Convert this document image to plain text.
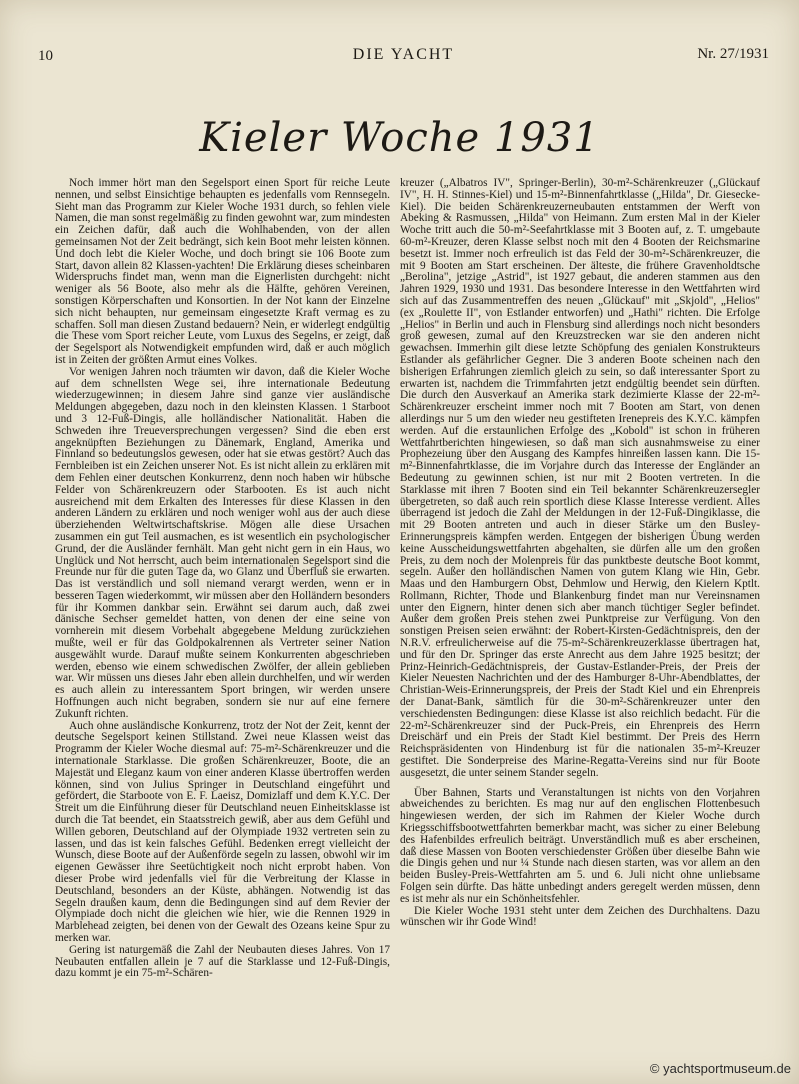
10	DIE YACHT	Nr. 27/1931
Kieler Woche 1931

Noch immer hört man den Segelsport einen Sport für reiche Leute nennen, und selbst Einsichtige behaupten es jedenfalls vom Rennsegeln. Sieht man das Programm zur Kieler Woche 1931 durch, so fehlen viele Namen, die man sonst regelmäßig zu finden gewohnt war, zum mindesten ein Zeichen dafür, daß auch die Wohlhabenden, von der allen gemeinsamen Not der Zeit bedrängt, sich kein Boot mehr leisten können. Und doch lebt die Kieler Woche, und doch bringt sie 106 Boote zum Start, davon allein 82 Klassen-yachten! Die Erklärung dieses scheinbaren Widerspruchs findet man, wenn man die Eignerlisten durchgeht: nicht weniger als 56 Boote, also mehr als die Hälfte, gehören Vereinen, sonstigen Körperschaften und Konsortien. In der Not kann der Einzelne sich nicht behaupten, nur gemeinsam eingesetzte Kraft vermag es zu schaffen. Soll man diesen Zustand bedauern? Nein, er widerlegt endgültig die These vom Sport reicher Leute, vom Luxus des Segelns, er zeigt, daß der Segelsport als Notwendigkeit empfunden wird, daß er auch möglich ist in Zeiten der größten Armut eines Volkes.

Vor wenigen Jahren noch träumten wir davon, daß die Kieler Woche auf dem schnellsten Wege sei, ihre internationale Bedeutung wiederzugewinnen; in diesem Jahre sind ganze vier ausländische Meldungen abgegeben, dazu noch in den kleinsten Klassen. 1 Starboot und 3 12-Fuß-Dingis, alle holländischer Nationalität. Haben die Schweden ihre Treueversprechungen vergessen? Sind die eben erst angeknüpften Beziehungen zu Dänemark, England, Amerika und Finnland so bedeutungslos gewesen, oder hat sie etwas gestört? Auch das Fernbleiben ist ein Zeichen unserer Not. Es ist nicht allein zu erklären mit dem Fehlen einer deutschen Konkurrenz, denn noch haben wir hübsche Felder von Schärenkreuzern oder Starbooten. Es ist auch nicht ausreichend mit dem Erkalten des Interesses für diese Klassen in den anderen Ländern zu erklären und noch weniger wohl aus der auch diese überziehenden Weltwirtschaftskrise. Mögen alle diese Ursachen zusammen ein gut Teil ausmachen, es ist wesentlich ein psychologischer Grund, der die Ausländer fernhält. Man geht nicht gern in ein Haus, wo Unglück und Not herrscht, auch beim internationalen Segelsport sind die Freunde nur für die guten Tage da, wo Glanz und Überfluß sie erwarten. Das ist verständlich und soll niemand verargt werden, wenn er in besseren Tagen wiederkommt, wir müssen aber den Holländern besonders für ihr Kommen dankbar sein. Erwähnt sei darum auch, daß zwei dänische Sechser gemeldet hatten, von denen der eine seine von vornherein mit diesem Vorbehalt abgegebene Meldung zurückziehen mußte, weil er für das Goldpokalrennen als Vertreter seiner Nation ausgewählt wurde. Darauf mußte seinem Konkurrenten abgeschrieben werden, ebenso wie einem schwedischen Zwölfer, der allein geblieben war. Wir müssen uns dieses Jahr eben allein durchhelfen, und wir werden es auch allein zu interessantem Sport bringen, wir werden unsere Hoffnungen auch nicht begraben, sondern sie nur auf eine fernere Zukunft richten.

Auch ohne ausländische Konkurrenz, trotz der Not der Zeit, kennt der deutsche Segelsport keinen Stillstand. Zwei neue Klassen weist das Programm der Kieler Woche diesmal auf: 75-m²-Schärenkreuzer und die internationale Starklasse. Die großen Schärenkreuzer, Boote, die an Majestät und Eleganz kaum von einer anderen Klasse übertroffen werden können, sind von Julius Springer in Deutschland eingeführt und gefördert, die Starboote von E. F. Laeisz, Domizlaff und dem K.Y.C. Der Streit um die Einführung dieser für Deutschland neuen Einheitsklasse ist durch die Tat beendet, ein Staatsstreich gewiß, aber aus dem Gefühl und Willen geboren, Deutschland auf der Olympiade 1932 vertreten sein zu lassen, und das ist kein falsches Gefühl. Bedenken erregt vielleicht der Wunsch, diese Boote auf der Außenförde segeln zu lassen, obwohl wir im eigenen Gewässer ihre Seetüchtigkeit noch nicht erprobt haben. Von dieser Probe wird jedenfalls viel für die Verbreitung der Klasse in Deutschland, besonders an der Küste, abhängen. Notwendig ist das Segeln draußen kaum, denn die Bedingungen sind auf dem Revier der Olympiade doch nicht die gleichen wie hier, wie die Rennen 1929 in Marblehead zeigten, bei denen von der Gewalt des Ozeans keine Spur zu merken war.

Gering ist naturgemäß die Zahl der Neubauten dieses Jahres. Von 17 Neubauten entfallen allein je 7 auf die Starklasse und 12-Fuß-Dingis, dazu kommt je ein 75-m²-Schären-

kreuzer („Albatros IV", Springer-Berlin), 30-m²-Schärenkreuzer („Glückauf IV", H. H. Stinnes-Kiel) und 15-m²-Binnenfahrtklasse („Hilda", Dr. Giesecke-Kiel). Die beiden Schärenkreuzerneubauten entstammen der Werft von Abeking & Rasmussen, „Hilda" von Heimann. Zum ersten Mal in der Kieler Woche tritt auch die 50-m²-Seefahrtklasse mit 3 Booten auf, z. T. umgebaute 60-m²-Kreuzer, deren Klasse selbst noch mit den 4 Booten der Reichsmarine besetzt ist. Immer noch erfreulich ist das Feld der 30-m²-Schärenkreuzer, die mit 9 Booten am Start erscheinen. Der älteste, die frühere Gravenholdtsche „Berolina", jetzige „Astrid", ist 1927 gebaut, die anderen stammen aus den Jahren 1929, 1930 und 1931. Das besondere Interesse in den Wettfahrten wird sich auf das Zusammentreffen des neuen „Glückauf" mit „Skjold", „Helios" (ex „Roulette II", von Estlander entworfen) und „Hathi" richten. Die Erfolge „Helios" in Berlin und auch in Flensburg sind allerdings noch nicht besonders groß gewesen, zumal auf den Kreuzstrecken war sie den anderen nicht gewachsen. Immerhin gilt diese letzte Schöpfung des genialen Konstrukteurs Estlander als gefährlicher Gegner. Die 3 anderen Boote scheinen nach den bisherigen Erfahrungen ziemlich gleich zu sein, so daß interessanter Sport zu erwarten ist, nachdem die Trimmfahrten jetzt endgültig beendet sein dürften. Die durch den Ausverkauf an Amerika stark dezimierte Klasse der 22-m²-Schärenkreuzer erscheint immer noch mit 7 Booten am Start, von denen allerdings nur 5 um den wieder neu gestifteten Irenepreis des K.Y.C. kämpfen werden. Auf die erstaunlichen Erfolge des „Kobold" ist schon in früheren Wettfahrtberichten hingewiesen, so daß man sich ausnahmsweise zu einer Prophezeiung über den Ausgang des Kampfes hinreißen lassen kann. Die 15-m²-Binnenfahrtklasse, die im Vorjahre durch das Interesse der Engländer an Bedeutung zu gewinnen schien, ist nur mit 2 Booten vertreten. In die Starklasse mit ihren 7 Booten sind ein Teil bekannter Schärenkreuzersegler übergetreten, so daß auch rein sportlich diese Klasse Interesse verdient. Alles überragend ist jedoch die Zahl der Meldungen in der 12-Fuß-Dingiklasse, die mit 29 Booten antreten und auch in dieser Stärke um den Busley-Erinnerungspreis kämpfen werden. Entgegen der bisherigen Übung werden keine Ausscheidungswettfahrten abgehalten, sie dürfen alle um den großen Preis, zu dem noch der Molenpreis für das punktbeste deutsche Boot kommt, segeln. Außer den holländischen Namen von gutem Klang wie Hin, Gebr. Maas und den Hamburgern Obst, Dehmlow und Herwig, den Kielern Kptlt. Rollmann, Richter, Thode und Blankenburg findet man nur Vereinsnamen unter den Eignern, hinter denen sich aber manch tüchtiger Segler befindet. Außer dem großen Preis stehen zwei Punktpreise zur Verfügung. Von den sonstigen Preisen seien erwähnt: der Robert-Kirsten-Gedächtnispreis, den der N.R.V. erfreulicherweise auf die 75-m²-Schärenkreuzerklasse übertragen hat, und für den Dr. Springer das erste Anrecht aus dem Jahre 1925 besitzt; der Prinz-Heinrich-Gedächtnispreis, der Gustav-Estlander-Preis, der Preis der Kieler Neuesten Nachrichten und der des Hamburger 8-Uhr-Abendblattes, der Christian-Weis-Erinnerungspreis, der Preis der Stadt Kiel und ein Ehrenpreis der Danat-Bank, sämtlich für die 30-m²-Schärenkreuzer unter den verschiedensten Bedingungen: diese Klasse ist also reichlich bedacht. Für die 22-m²-Schärenkreuzer sind der Puck-Preis, ein Ehrenpreis des Herrn Dreischärf und ein Preis der Stadt Kiel bestimmt. Der Preis des Herrn Reichspräsidenten von Hindenburg ist für die nationalen 35-m²-Kreuzer gestiftet. Die Sonderpreise des Marine-Regatta-Vereins sind nur für Boote ausgesetzt, die unter seinem Stander segeln.

Über Bahnen, Starts und Veranstaltungen ist nichts von den Vorjahren abweichendes zu berichten. Es mag nur auf den englischen Flottenbesuch hingewiesen werden, der sich im Rahmen der Kieler Woche durch Kriegsschiffsbootwettfahrten bemerkbar macht, was sicher zu einer Belebung des Hafenbildes erfreulich beiträgt. Unverständlich muß es aber erscheinen, daß diese Massen von Booten verschiedenster Größen über dieselbe Bahn wie die Dingis gehen und nur ¼ Stunde nach diesen starten, was vor allem an den beiden Busley-Preis-Wettfahrten am 5. und 6. Juli nicht ohne unliebsame Folgen sein dürfte. Das hätte unbedingt anders geregelt werden müssen, denn es ist mehr als nur ein Schönheitsfehler.

Die Kieler Woche 1931 steht unter dem Zeichen des Durchhaltens. Dazu wünschen wir ihr Gode Wind!

© yachtsportmuseum.de
